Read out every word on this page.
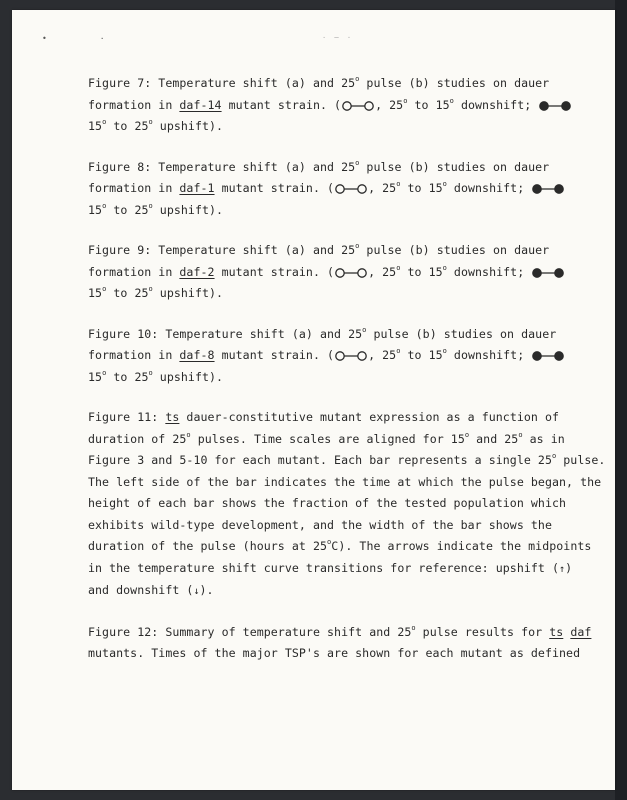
•           ·	· ─ ·
Figure 7: Temperature shift (a) and 25$^o$ pulse (b) studies on dauer
formation in daf-14 mutant strain. (	, 25$^o$ to 15$^o$ downshift;
15$^o$ to 25$^o$ upshift).
Figure 8: Temperature shift (a) and 25$^o$ pulse (b) studies on dauer
formation in daf-1 mutant strain. (	, 25$^o$ to 15$^o$ downshift;
15$^o$ to 25$^o$ upshift).
Figure 9: Temperature shift (a) and 25$^o$ pulse (b) studies on dauer
formation in daf-2 mutant strain. (	, 25$^o$ to 15$^o$ downshift;
15$^o$ to 25$^o$ upshift).
Figure 10: Temperature shift (a) and 25$^o$ pulse (b) studies on dauer
formation in daf-8 mutant strain. (	, 25$^o$ to 15$^o$ downshift;
15$^o$ to 25$^o$ upshift).
Figure 11: ts dauer-constitutive mutant expression as a function of
duration of 25$^o$ pulses. Time scales are aligned for 15$^o$ and 25$^o$ as in
Figure 3 and 5-10 for each mutant. Each bar represents a single 25$^o$ pulse.
The left side of the bar indicates the time at which the pulse began, the
height of each bar shows the fraction of the tested population which
exhibits wild-type development, and the width of the bar shows the
duration of the pulse (hours at 25$^o$C). The arrows indicate the midpoints
in the temperature shift curve transitions for reference: upshift (↑)
and downshift (↓).
Figure 12: Summary of temperature shift and 25$^o$ pulse results for ts daf
mutants. Times of the major TSP's are shown for each mutant as defined
